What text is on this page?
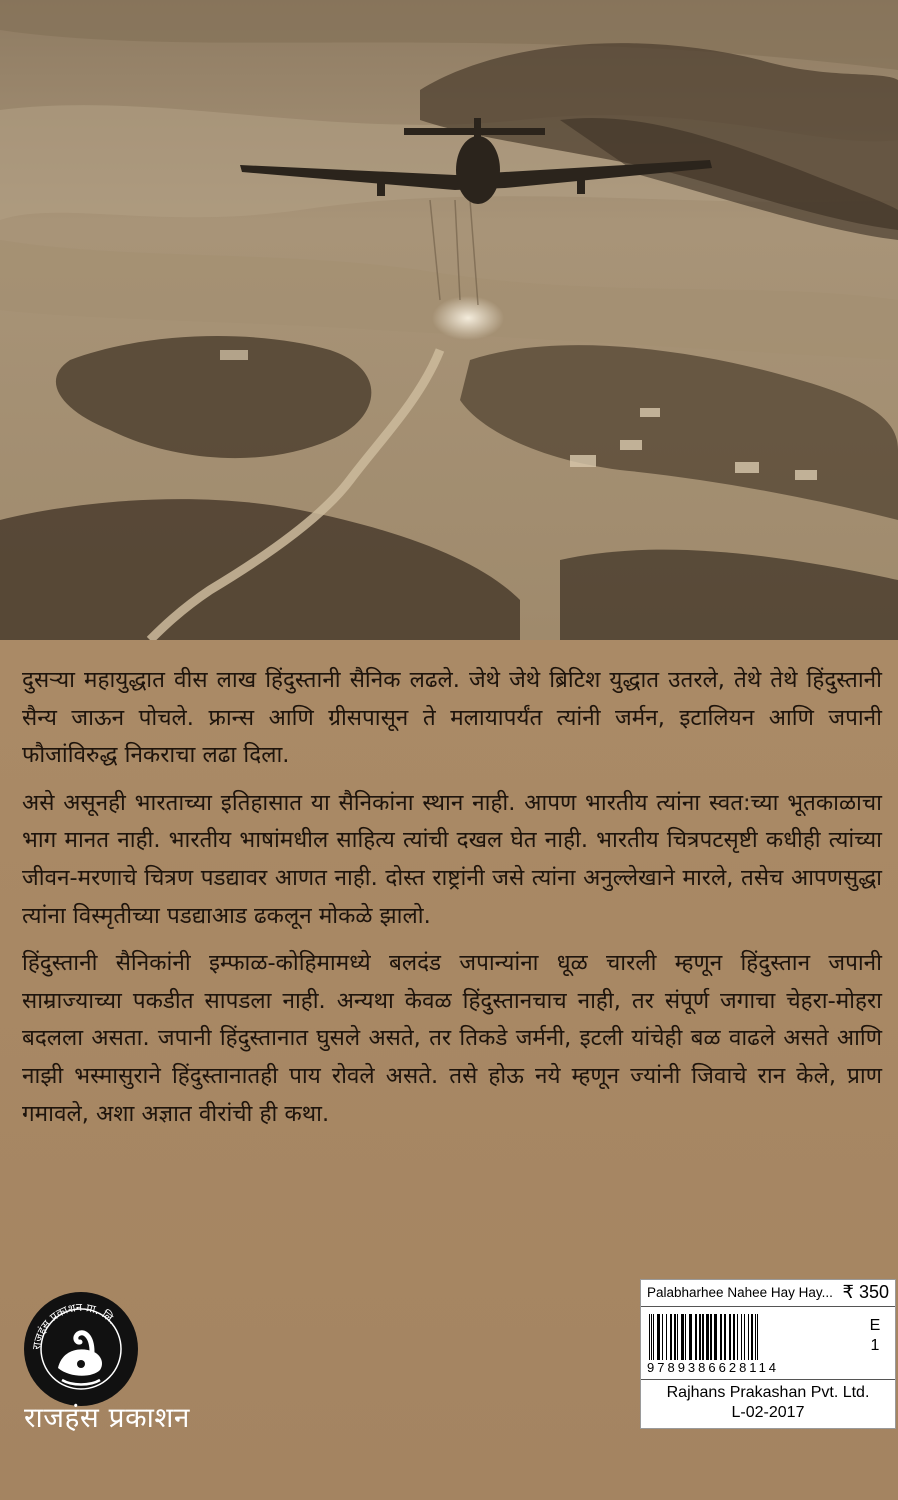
दुसऱ्या महायुद्धात वीस लाख हिंदुस्तानी सैनिक लढले. जेथे जेथे ब्रिटिश युद्धात उतरले, तेथे तेथे हिंदुस्तानी सैन्य जाऊन पोचले. फ्रान्स आणि ग्रीसपासून ते मलायापर्यंत त्यांनी जर्मन, इटालियन आणि जपानी फौजांविरुद्ध निकराचा लढा दिला.

असे असूनही भारताच्या इतिहासात या सैनिकांना स्थान नाही. आपण भारतीय त्यांना स्वत:च्या भूतकाळाचा भाग मानत नाही. भारतीय भाषांमधील साहित्य त्यांची दखल घेत नाही. भारतीय चित्रपटसृष्टी कधीही त्यांच्या जीवन-मरणाचे चित्रण पडद्यावर आणत नाही. दोस्त राष्ट्रांनी जसे त्यांना अनुल्लेखाने मारले, तसेच आपणसुद्धा त्यांना विस्मृतीच्या पडद्याआड ढकलून मोकळे झालो.

हिंदुस्तानी सैनिकांनी इम्फाळ-कोहिमामध्ये बलदंड जपान्यांना धूळ चारली म्हणून हिंदुस्तान जपानी साम्राज्याच्या पकडीत सापडला नाही. अन्यथा केवळ हिंदुस्तानचाच नाही, तर संपूर्ण जगाचा चेहरा-मोहरा बदलला असता. जपानी हिंदुस्तानात घुसले असते, तर तिकडे जर्मनी, इटली यांचेही बळ वाढले असते आणि नाझी भस्मासुराने हिंदुस्तानातही पाय रोवले असते. तसे होऊ नये म्हणून ज्यांनी जिवाचे रान केले, प्राण गमावले, अशा अज्ञात वीरांची ही कथा.

राजहंस प्रकाशन प्रा. लि.
राजहंस प्रकाशन
Palabharhee Nahee Hay Hay... ₹ 350
9789386628114
E
1
Rajhans Prakashan Pvt. Ltd.
L-02-2017
